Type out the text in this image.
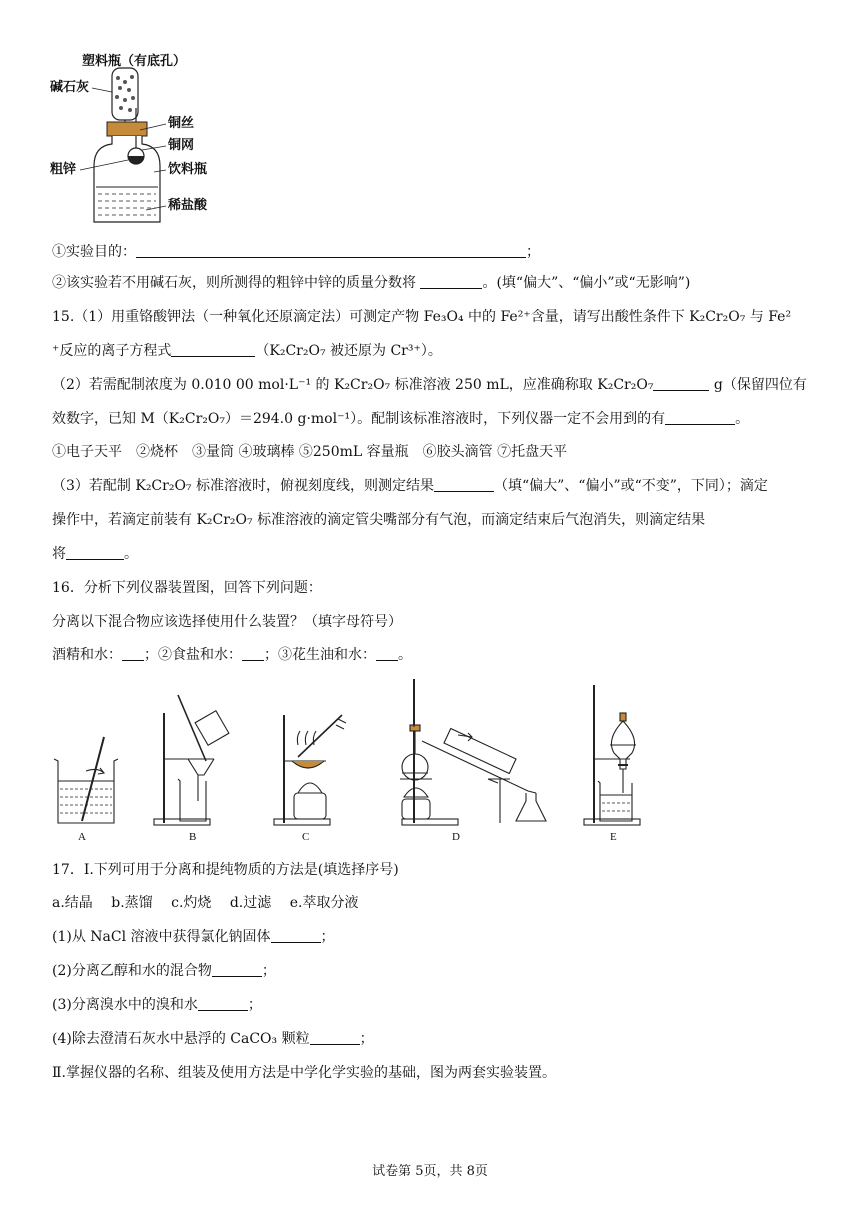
塑料瓶（有底孔）
碱石灰
铜丝
铜网
粗锌	饮料瓶
稀盐酸
①实验目的：	；
②该实验若不用碱石灰，则所测得的粗锌中锌的质量分数将	。(填“偏大”、“偏小”或“无影响”)
15.（1）用重铬酸钾法（一种氧化还原滴定法）可测定产物 Fe₃O₄ 中的 Fe²⁺含量，请写出酸性条件下 K₂Cr₂O₇ 与 Fe²
⁺反应的离子方程式	（K₂Cr₂O₇ 被还原为 Cr³⁺）。
（2）若需配制浓度为 0.010 00 mol·L⁻¹ 的 K₂Cr₂O₇ 标准溶液 250 mL，应准确称取 K₂Cr₂O₇	g（保留四位有
效数字，已知 M（K₂Cr₂O₇）＝294.0 g·mol⁻¹）。配制该标准溶液时，下列仪器一定不会用到的有	。
①电子天平　②烧杯　③量筒 ④玻璃棒 ⑤250mL 容量瓶　⑥胶头滴管 ⑦托盘天平
（3）若配制 K₂Cr₂O₇ 标准溶液时，俯视刻度线，则测定结果	（填“偏大”、“偏小”或“不变”，下同）；滴定
操作中，若滴定前装有 K₂Cr₂O₇ 标准溶液的滴定管尖嘴部分有气泡，而滴定结束后气泡消失，则滴定结果
将	。
16．分析下列仪器装置图，回答下列问题：
分离以下混合物应该选择使用什么装置？（填字母符号）
酒精和水： ；②食盐和水： ；③花生油和水： 。
A	B	C	D	E
17．Ⅰ.下列可用于分离和提纯物质的方法是(填选择序号)
a.结晶　 b.蒸馏　 c.灼烧　 d.过滤　 e.萃取分液
(1)从 NaCl 溶液中获得氯化钠固体	；
(2)分离乙醇和水的混合物	；
(3)分离溴水中的溴和水	；
(4)除去澄清石灰水中悬浮的 CaCO₃ 颗粒	；
Ⅱ.掌握仪器的名称、组装及使用方法是中学化学实验的基础，图为两套实验装置。
试卷第 5页，共 8页
